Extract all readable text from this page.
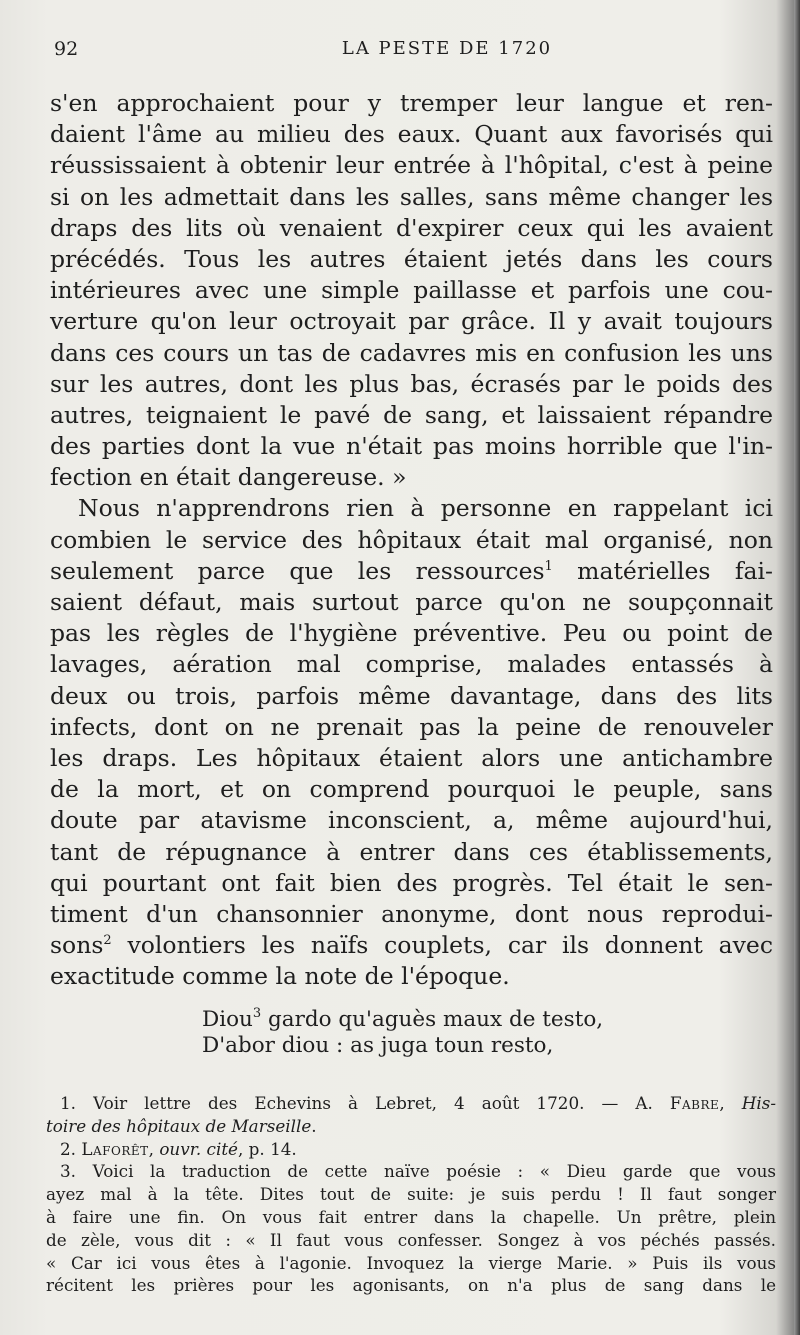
92	LA PESTE DE 1720
s'en approchaient pour y tremper leur langue et ren-
daient l'âme au milieu des eaux. Quant aux favorisés qui
réussissaient à obtenir leur entrée à l'hôpital, c'est à peine
si on les admettait dans les salles, sans même changer les
draps des lits où venaient d'expirer ceux qui les avaient
précédés. Tous les autres étaient jetés dans les cours
intérieures avec une simple paillasse et parfois une cou-
verture qu'on leur octroyait par grâce. Il y avait toujours
dans ces cours un tas de cadavres mis en confusion les uns
sur les autres, dont les plus bas, écrasés par le poids des
autres, teignaient le pavé de sang, et laissaient répandre
des parties dont la vue n'était pas moins horrible que l'in-
fection en était dangereuse. »
Nous n'apprendrons rien à personne en rappelant ici
combien le service des hôpitaux était mal organisé, non
seulement parce que les ressources$^1$ matérielles fai-
saient défaut, mais surtout parce qu'on ne soupçonnait
pas les règles de l'hygiène préventive. Peu ou point de
lavages, aération mal comprise, malades entassés à
deux ou trois, parfois même davantage, dans des lits
infects, dont on ne prenait pas la peine de renouveler
les draps. Les hôpitaux étaient alors une antichambre
de la mort, et on comprend pourquoi le peuple, sans
doute par atavisme inconscient, a, même aujourd'hui,
tant de répugnance à entrer dans ces établissements,
qui pourtant ont fait bien des progrès. Tel était le sen-
timent d'un chansonnier anonyme, dont nous reprodui-
sons$^2$ volontiers les naïfs couplets, car ils donnent avec
exactitude comme la note de l'époque.
Diou$^3$ gardo qu'aguès maux de testo,
D'abor diou : as juga toun resto,
1. Voir lettre des Echevins à Lebret, 4 août 1720. — A. Fabre, His-
toire des hôpitaux de Marseille.
2. Laforêt, ouvr. cité, p. 14.
3. Voici la traduction de cette naïve poésie : « Dieu garde que vous
ayez mal à la tête. Dites tout de suite: je suis perdu ! Il faut songer
à faire une fin. On vous fait entrer dans la chapelle. Un prêtre, plein
de zèle, vous dit : « Il faut vous confesser. Songez à vos péchés passés.
« Car ici vous êtes à l'agonie. Invoquez la vierge Marie. » Puis ils vous
récitent les prières pour les agonisants, on n'a plus de sang dans le
